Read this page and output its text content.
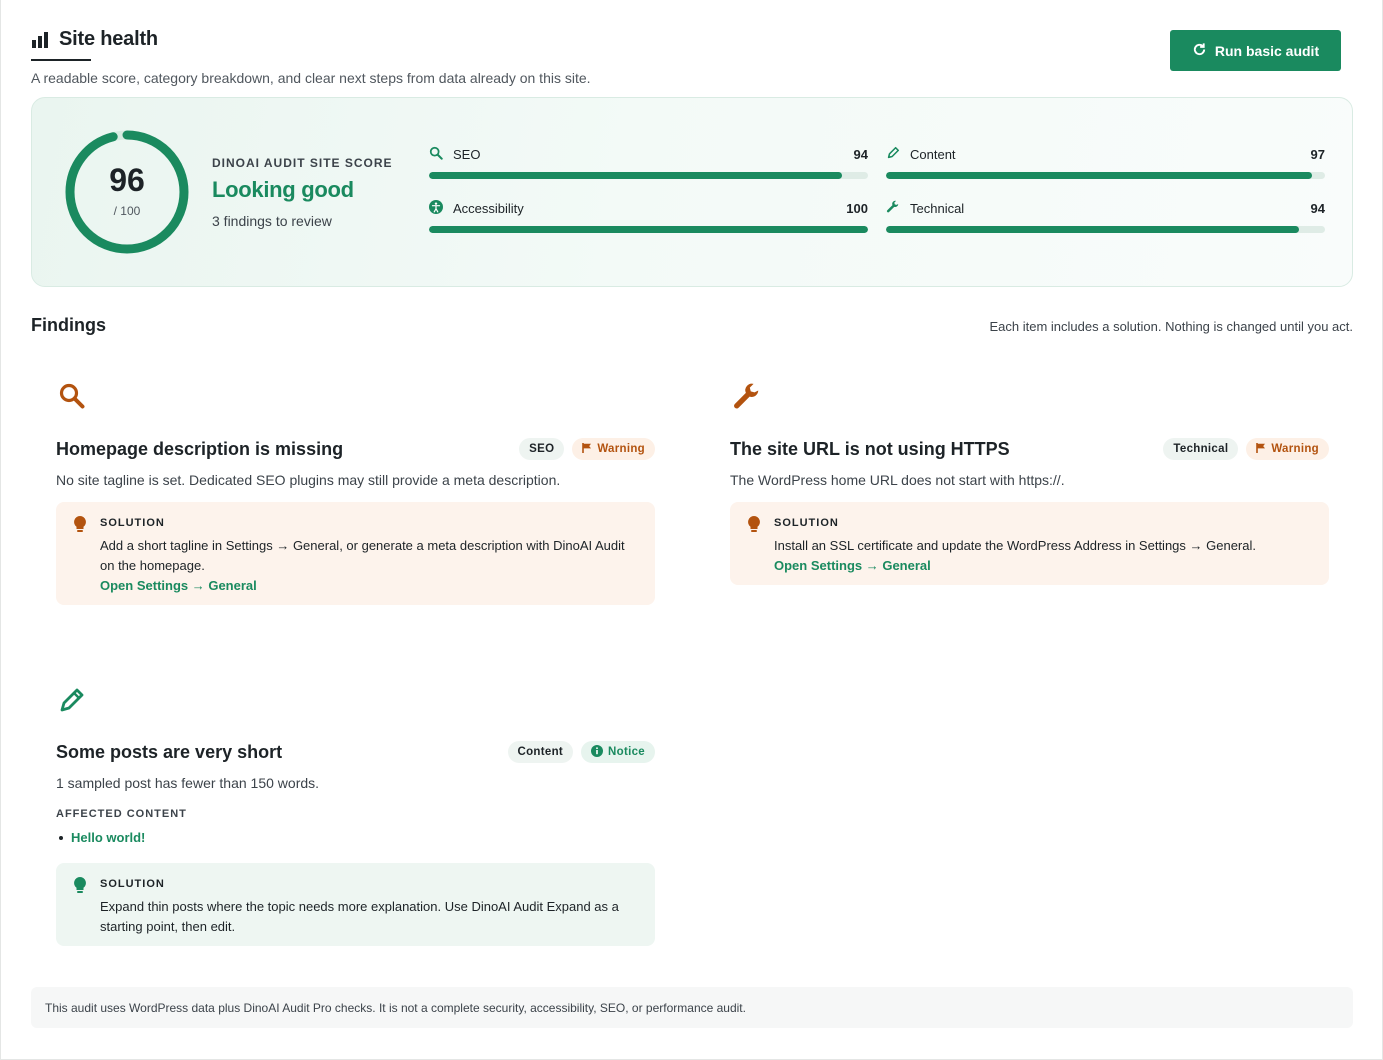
Site health
A readable score, category breakdown, and clear next steps from data already on this site.
Run basic audit
96
/ 100
DINOAI AUDIT SITE SCORE
Looking good
3 findings to review
SEO	94	Content	97
Accessibility	100	Technical	94
Findings	Each item includes a solution. Nothing is changed until you act.
Homepage description is missing	SEO	Warning
No site tagline is set. Dedicated SEO plugins may still provide a meta description.
SOLUTION
Add a short tagline in Settings → General, or generate a meta description with DinoAI Audit on the homepage.
Open Settings → General
The site URL is not using HTTPS	Technical	Warning
The WordPress home URL does not start with https://.
SOLUTION
Install an SSL certificate and update the WordPress Address in Settings → General.
Open Settings → General
Some posts are very short	Content	Notice
1 sampled post has fewer than 150 words.
AFFECTED CONTENT
Hello world!
SOLUTION
Expand thin posts where the topic needs more explanation. Use DinoAI Audit Expand as a starting point, then edit.
This audit uses WordPress data plus DinoAI Audit Pro checks. It is not a complete security, accessibility, SEO, or performance audit.
